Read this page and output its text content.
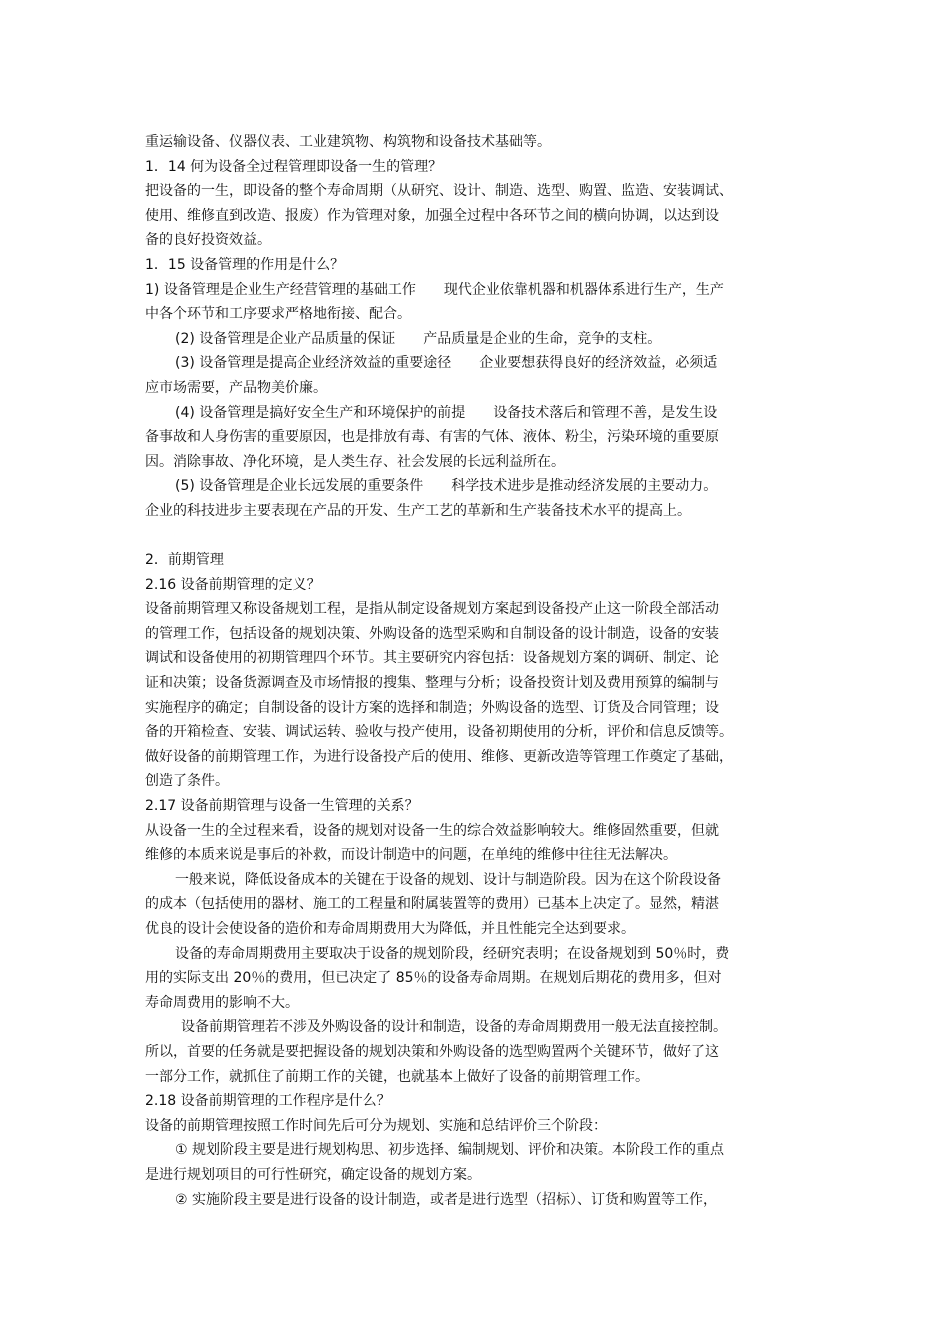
重运输设备、仪器仪表、工业建筑物、构筑物和设备技术基础等。
1．14 何为设备全过程管理即设备一生的管理？
把设备的一生，即设备的整个寿命周期（从研究、设计、制造、选型、购置、监造、安装调试、
使用、维修直到改造、报废）作为管理对象，加强全过程中各环节之间的横向协调，以达到设
备的良好投资效益。
1．15 设备管理的作用是什么？
1) 设备管理是企业生产经营管理的基础工作　　现代企业依靠机器和机器体系进行生产，生产
中各个环节和工序要求严格地衔接、配合。
(2) 设备管理是企业产品质量的保证　　产品质量是企业的生命，竞争的支柱。
(3) 设备管理是提高企业经济效益的重要途径　　企业要想获得良好的经济效益，必须适
应市场需要，产品物美价廉。
(4) 设备管理是搞好安全生产和环境保护的前提　　设备技术落后和管理不善，是发生设
备事故和人身伤害的重要原因，也是排放有毒、有害的气体、液体、粉尘，污染环境的重要原
因。消除事故、净化环境，是人类生存、社会发展的长远利益所在。
(5) 设备管理是企业长远发展的重要条件　　科学技术进步是推动经济发展的主要动力。
企业的科技进步主要表现在产品的开发、生产工艺的革新和生产装备技术水平的提高上。
2．前期管理
2.16 设备前期管理的定义？
设备前期管理又称设备规划工程，是指从制定设备规划方案起到设备投产止这一阶段全部活动
的管理工作，包括设备的规划决策、外购设备的选型采购和自制设备的设计制造，设备的安装
调试和设备使用的初期管理四个环节。其主要研究内容包括：设备规划方案的调研、制定、论
证和决策；设备货源调查及市场情报的搜集、整理与分析；设备投资计划及费用预算的编制与
实施程序的确定；自制设备的设计方案的选择和制造；外购设备的选型、订货及合同管理；设
备的开箱检查、安装、调试运转、验收与投产使用，设备初期使用的分析，评价和信息反馈等。
做好设备的前期管理工作，为进行设备投产后的使用、维修、更新改造等管理工作奠定了基础，
创造了条件。
2.17 设备前期管理与设备一生管理的关系？
从设备一生的全过程来看，设备的规划对设备一生的综合效益影响较大。维修固然重要，但就
维修的本质来说是事后的补救，而设计制造中的问题，在单纯的维修中往往无法解决。
一般来说，降低设备成本的关键在于设备的规划、设计与制造阶段。因为在这个阶段设备
的成本（包括使用的器材、施工的工程量和附属装置等的费用）已基本上决定了。显然，精湛
优良的设计会使设备的造价和寿命周期费用大为降低，并且性能完全达到要求。
设备的寿命周期费用主要取决于设备的规划阶段，经研究表明；在设备规划到 50％时，费
用的实际支出 20％的费用，但已决定了 85％的设备寿命周期。在规划后期花的费用多，但对
寿命周费用的影响不大。
设备前期管理若不涉及外购设备的设计和制造，设备的寿命周期费用一般无法直接控制。
所以，首要的任务就是要把握设备的规划决策和外购设备的选型购置两个关键环节，做好了这
一部分工作，就抓住了前期工作的关键，也就基本上做好了设备的前期管理工作。
2.18 设备前期管理的工作程序是什么？
设备的前期管理按照工作时间先后可分为规划、实施和总结评价三个阶段：
① 规划阶段主要是进行规划构思、初步选择、编制规划、评价和决策。本阶段工作的重点
是进行规划项目的可行性研究，确定设备的规划方案。
② 实施阶段主要是进行设备的设计制造，或者是进行选型（招标）、订货和购置等工作，
